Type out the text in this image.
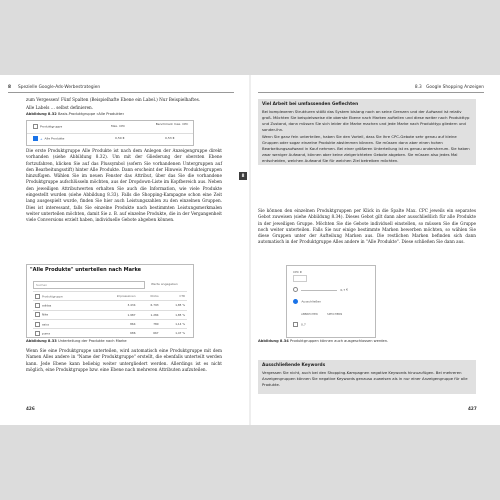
8 Spezielle Google-Ads-Werbestrategien

zum Vergessen! Fünf Spalten (Beispielhafte Ebene ein Label.) Nur Beispielhaftes.

Alle Labels … selbst definieren.

Produktgruppe	Max. CPC	Benchmark max. CPC
+ Alle Produkte	0,50 €	0,53 €
Abbildung 8.32 Basis-Produktgruppe »Alle Produkte«

Die erste Produktgruppe Alle Produkte ist nach dem Anlegen der Anzeigengruppe direkt vorhanden (siehe Abbildung 8.32). Um mit der Gliederung der obersten Ebene fortzufahren, klicken Sie auf das Plussymbol (sofern Sie vorhandenen Untergruppen auf den Bearbeitungsstift) hinter Alle Produkte. Dann erscheint der Hinweis Produkteigruppen hinzufügen. Wählen Sie im neuen Fenster das Attribut, über das Sie die vorhandene Produktgruppe aufschlüsseln möchten, aus der Dropdown-Liste im Kopfbereich aus. Neben den jeweiligen Attributwerten erhalten Sie auch die Information, wie viele Produkte eingestellt wurden (siehe Abbildung 8.33). Falls die Shopping-Kampagne schon eine Zeit lang ausgespielt wurde, finden Sie hier auch Leistungszahlen zu den einzelnen Gruppen. Dies ist interessant, falls Sie einzelne Produkte nach bestimmten Leistungsmerkmalen weiter unterteilen möchten, damit Sie z. B. auf einzelne Produkte, die in der Vergangenheit viele Conversions erzielt haben, individuelle Gebote abgeben können.

"Alle Produkte" unterteilen nach Marke
Suchen	Werte angegeben
Produktgruppe	Impressionen	Klicks	CTR
adidas	3.434	6.793	1,85 %
Nike	1.987	1.284	1,85 %
asics	864	780	1,14 %
puma	686	667	1,47 %
Abbildung 8.33 Unterteilung der Produkte nach Marke

Wenn Sie eine Produktgruppe unterteilen, wird automatisch eine Produktgruppe mit dem Namen Alles andere in "Name der Produktgruppe" erstellt, die ebenfalls unterteilt werden kann. Jede Ebene kann beliebig weiter untergliedert werden. Allerdings ist es nicht möglich, eine Produktgruppe bzw. eine Ebene nach mehreren Attributen aufzuteilen.

426
8.3 Google Shopping Anzeigen
Viel Arbeit bei umfassenden Geflechten

Bei komplexeren Strukturen stößt das System bislang noch an seine Grenzen und der Aufwand ist relativ groß. Möchten Sie beispielsweise die oberste Ebene nach Marken aufteilen und diese weiter nach Produkttyp und Zustand, dann müssen Sie sich leider die Marke machen und jede Marke nach Produkttyp gliedern und sonder-ihn.

Wenn Sie ganz fein unterteilen, haben Sie den Vorteil, dass Sie Ihre CPC-Gebote sehr genau auf kleine Gruppen oder sogar einzelne Produkte abstimmen können. Sie müssen dann aber einen hohen Bearbeitungsaufwand in Kauf nehmen. Bei einer größeren Unterteilung ist es genau andersherum. Sie haben zwar weniger Aufwand, können aber keine zielgerichteten Gebote abgeben. Sie müssen also jedes Mal entscheiden, welchen Aufwand Sie für welchen Ziel betreiben möchten.

Sie können den einzelnen Produktgruppen per Klick in die Spalte Max. CPC jeweils ein separates Gebot zuweisen (siehe Abbildung 8.34). Dieses Gebot gilt dann aber ausschließlich für alle Produkte in der jeweiligen Gruppe. Möchten Sie die Gebote individuell einstellen, so müssen Sie die Gruppe noch weiter unterteilen. Falls Sie nur einige bestimmte Marken bewerben möchten, so wählen Sie diese Gruppen unter der Aufteilung Marken aus. Die restlichen Marken befinden sich dann automatisch in der Produktgruppe Alles andere in "Alle Produkte". Diese schließen Sie dann aus.

CPC €
0,7 €
Ausschließen
ABBRECHEN	SPEICHERN
0,7
Abbildung 8.34 Produktgruppen können auch ausgeschlossen werden.
Ausschließende Keywords

Vergessen Sie nicht, auch bei den Shopping-Kampagnen negative Keywords hinzuzufügen. Bei mehreren Anzeigengruppen können Sie negative Keywords genauso zuweisen als in nur einer Anzeigengruppe für alle Produkte.

427
8
